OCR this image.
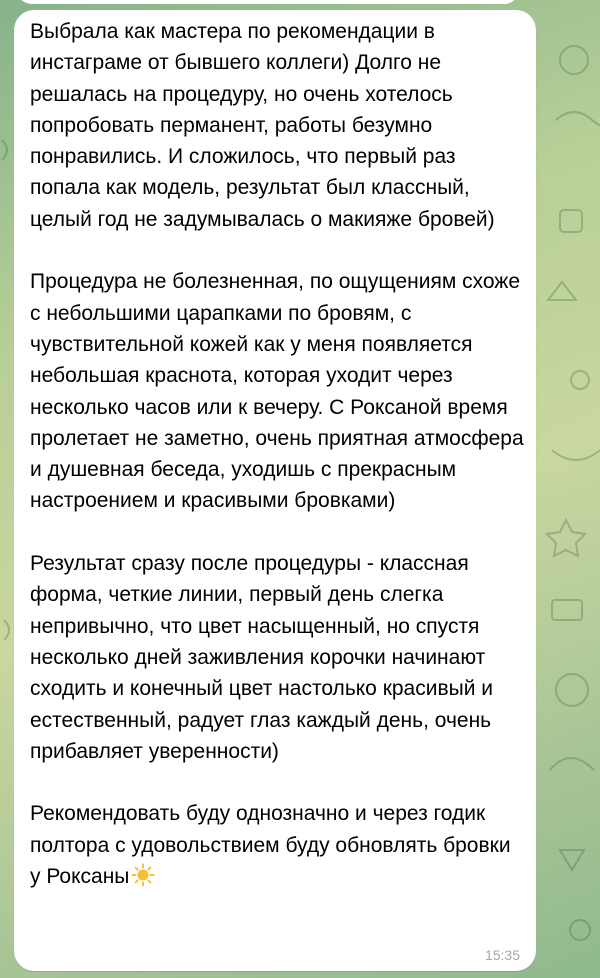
Выбрала как мастера по рекомендации в инстаграме от бывшего коллеги) Долго не решалась на процедуру, но очень хотелось попробовать перманент, работы безумно понравились. И сложилось, что первый раз попала как модель, результат был классный, целый год не задумывалась о макияже бровей)

Процедура не болезненная, по ощущениям схоже с небольшими царапками по бровям, с чувствительной кожей как у меня появляется небольшая краснота, которая уходит через несколько часов или к вечеру. С Роксаной время пролетает не заметно, очень приятная атмосфера и душевная беседа, уходишь с прекрасным настроением и красивыми бровками)

Результат сразу после процедуры - классная форма, четкие линии, первый день слегка непривычно, что цвет насыщенный, но спустя несколько дней заживления корочки начинают сходить и конечный цвет настолько красивый и естественный, радует глаз каждый день, очень прибавляет уверенности)

Рекомендовать буду однозначно и через годик полтора с удовольствием буду обновлять бровки у Роксаны

15:35
